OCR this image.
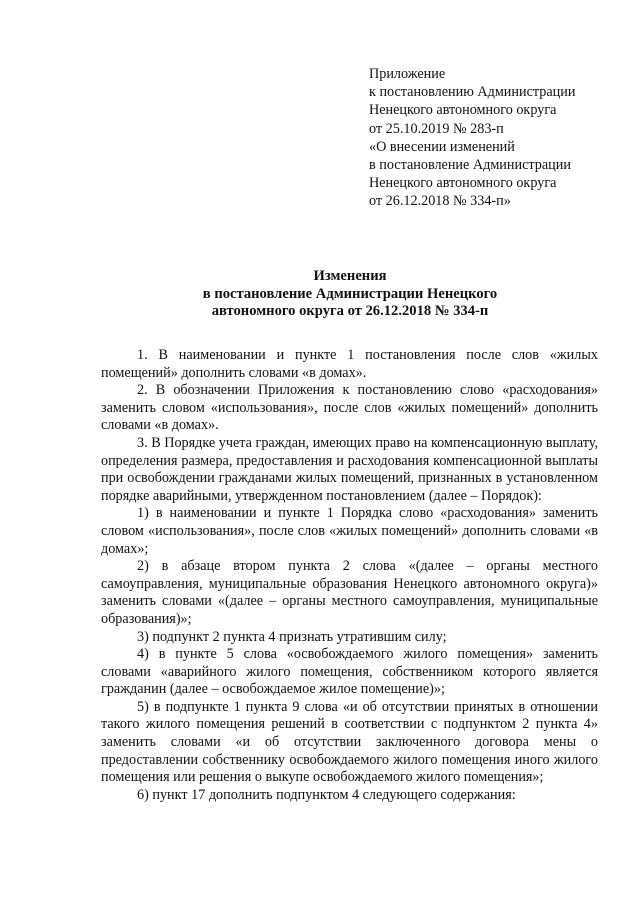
Приложение
к постановлению Администрации
Ненецкого автономного округа
от 25.10.2019 № 283-п
«О внесении изменений
в постановление Администрации
Ненецкого автономного округа
от 26.12.2018 № 334-п»
Изменения
в постановление Администрации Ненецкого
автономного округа от 26.12.2018 № 334-п

1. В наименовании и пункте 1 постановления после слов «жилых помещений» дополнить словами «в домах».

2. В обозначении Приложения к постановлению слово «расходования» заменить словом «использования», после слов «жилых помещений» дополнить словами «в домах».

3. В Порядке учета граждан, имеющих право на компенсационную выплату, определения размера, предоставления и расходования компенсационной выплаты при освобождении гражданами жилых помещений, признанных в установленном порядке аварийными, утвержденном постановлением (далее – Порядок):

1) в наименовании и пункте 1 Порядка слово «расходования» заменить словом «использования», после слов «жилых помещений» дополнить словами «в домах»;

2) в абзаце втором пункта 2 слова «(далее – органы местного самоуправления, муниципальные образования Ненецкого автономного округа)» заменить словами «(далее – органы местного самоуправления, муниципальные образования)»;

3) подпункт 2 пункта 4 признать утратившим силу;

4) в пункте 5 слова «освобождаемого жилого помещения» заменить словами «аварийного жилого помещения, собственником которого является гражданин (далее – освобождаемое жилое помещение)»;

5) в подпункте 1 пункта 9 слова «и об отсутствии принятых в отношении такого жилого помещения решений в соответствии с подпунктом 2 пункта 4» заменить словами «и об отсутствии заключенного договора мены о предоставлении собственнику освобождаемого жилого помещения иного жилого помещения или решения о выкупе освобождаемого жилого помещения»;

6) пункт 17 дополнить подпунктом 4 следующего содержания:
